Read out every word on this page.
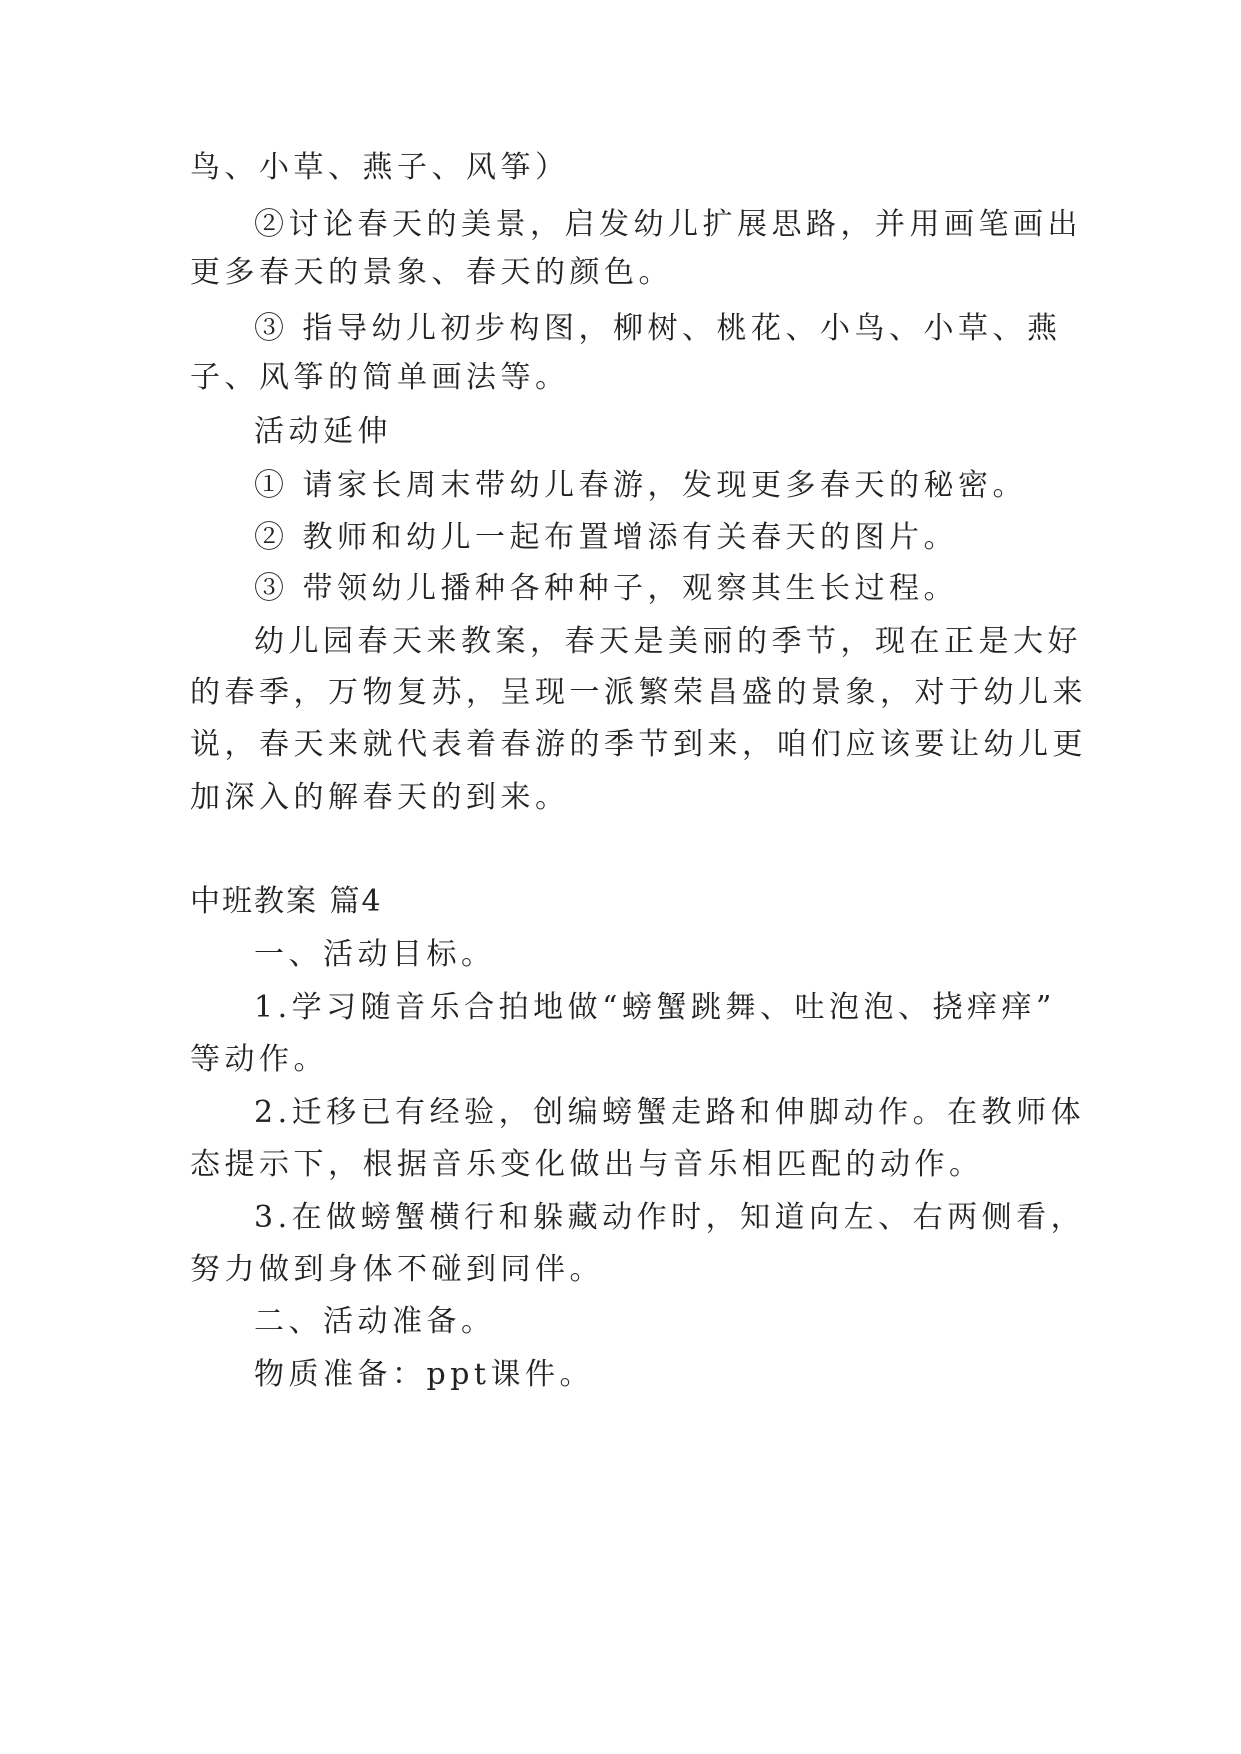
鸟、小草、燕子、风筝）
②讨论春天的美景，启发幼儿扩展思路，并用画笔画出
更多春天的景象、春天的颜色。
③ 指导幼儿初步构图，柳树、桃花、小鸟、小草、燕
子、风筝的简单画法等。
活动延伸
① 请家长周末带幼儿春游，发现更多春天的秘密。
② 教师和幼儿一起布置增添有关春天的图片。
③ 带领幼儿播种各种种子，观察其生长过程。
幼儿园春天来教案，春天是美丽的季节，现在正是大好
的春季，万物复苏，呈现一派繁荣昌盛的景象，对于幼儿来
说，春天来就代表着春游的季节到来，咱们应该要让幼儿更
加深入的解春天的到来。
中班教案 篇4
一、活动目标。
1.学习随音乐合拍地做“螃蟹跳舞、吐泡泡、挠痒痒”
等动作。
2.迁移已有经验，创编螃蟹走路和伸脚动作。在教师体
态提示下，根据音乐变化做出与音乐相匹配的动作。
3.在做螃蟹横行和躲藏动作时，知道向左、右两侧看，
努力做到身体不碰到同伴。
二、活动准备。
物质准备：ppt课件。
